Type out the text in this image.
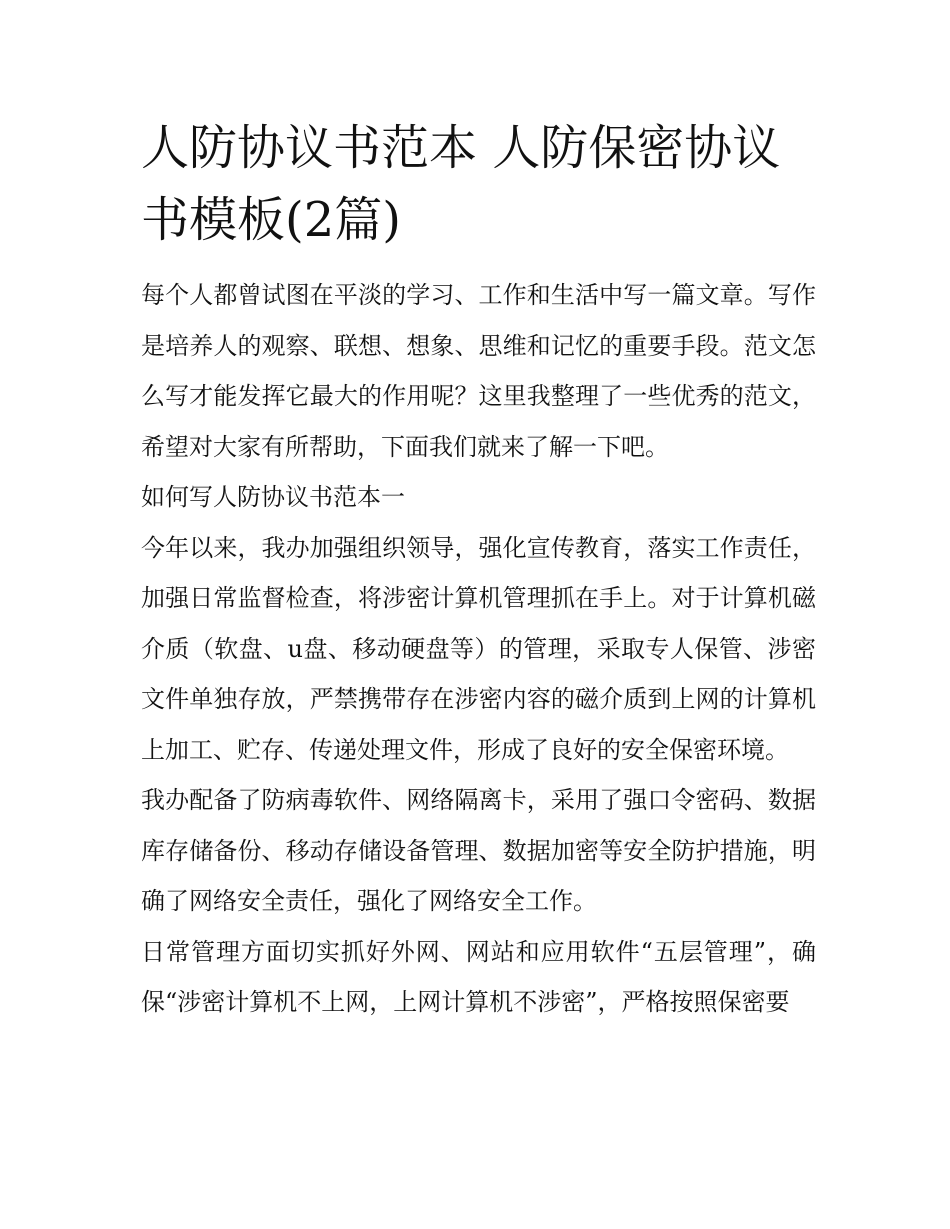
人防协议书范本 人防保密协议书模板(2篇)

每个人都曾试图在平淡的学习、工作和生活中写一篇文章。写作是培养人的观察、联想、想象、思维和记忆的重要手段。范文怎么写才能发挥它最大的作用呢？这里我整理了一些优秀的范文，希望对大家有所帮助，下面我们就来了解一下吧。

如何写人防协议书范本一

今年以来，我办加强组织领导，强化宣传教育，落实工作责任，加强日常监督检查，将涉密计算机管理抓在手上。对于计算机磁介质（软盘、u盘、移动硬盘等）的管理，采取专人保管、涉密文件单独存放，严禁携带存在涉密内容的磁介质到上网的计算机上加工、贮存、传递处理文件，形成了良好的安全保密环境。

我办配备了防病毒软件、网络隔离卡，采用了强口令密码、数据库存储备份、移动存储设备管理、数据加密等安全防护措施，明确了网络安全责任，强化了网络安全工作。

日常管理方面切实抓好外网、网站和应用软件“五层管理”，确保“涉密计算机不上网，上网计算机不涉密”，严格按照保密要
